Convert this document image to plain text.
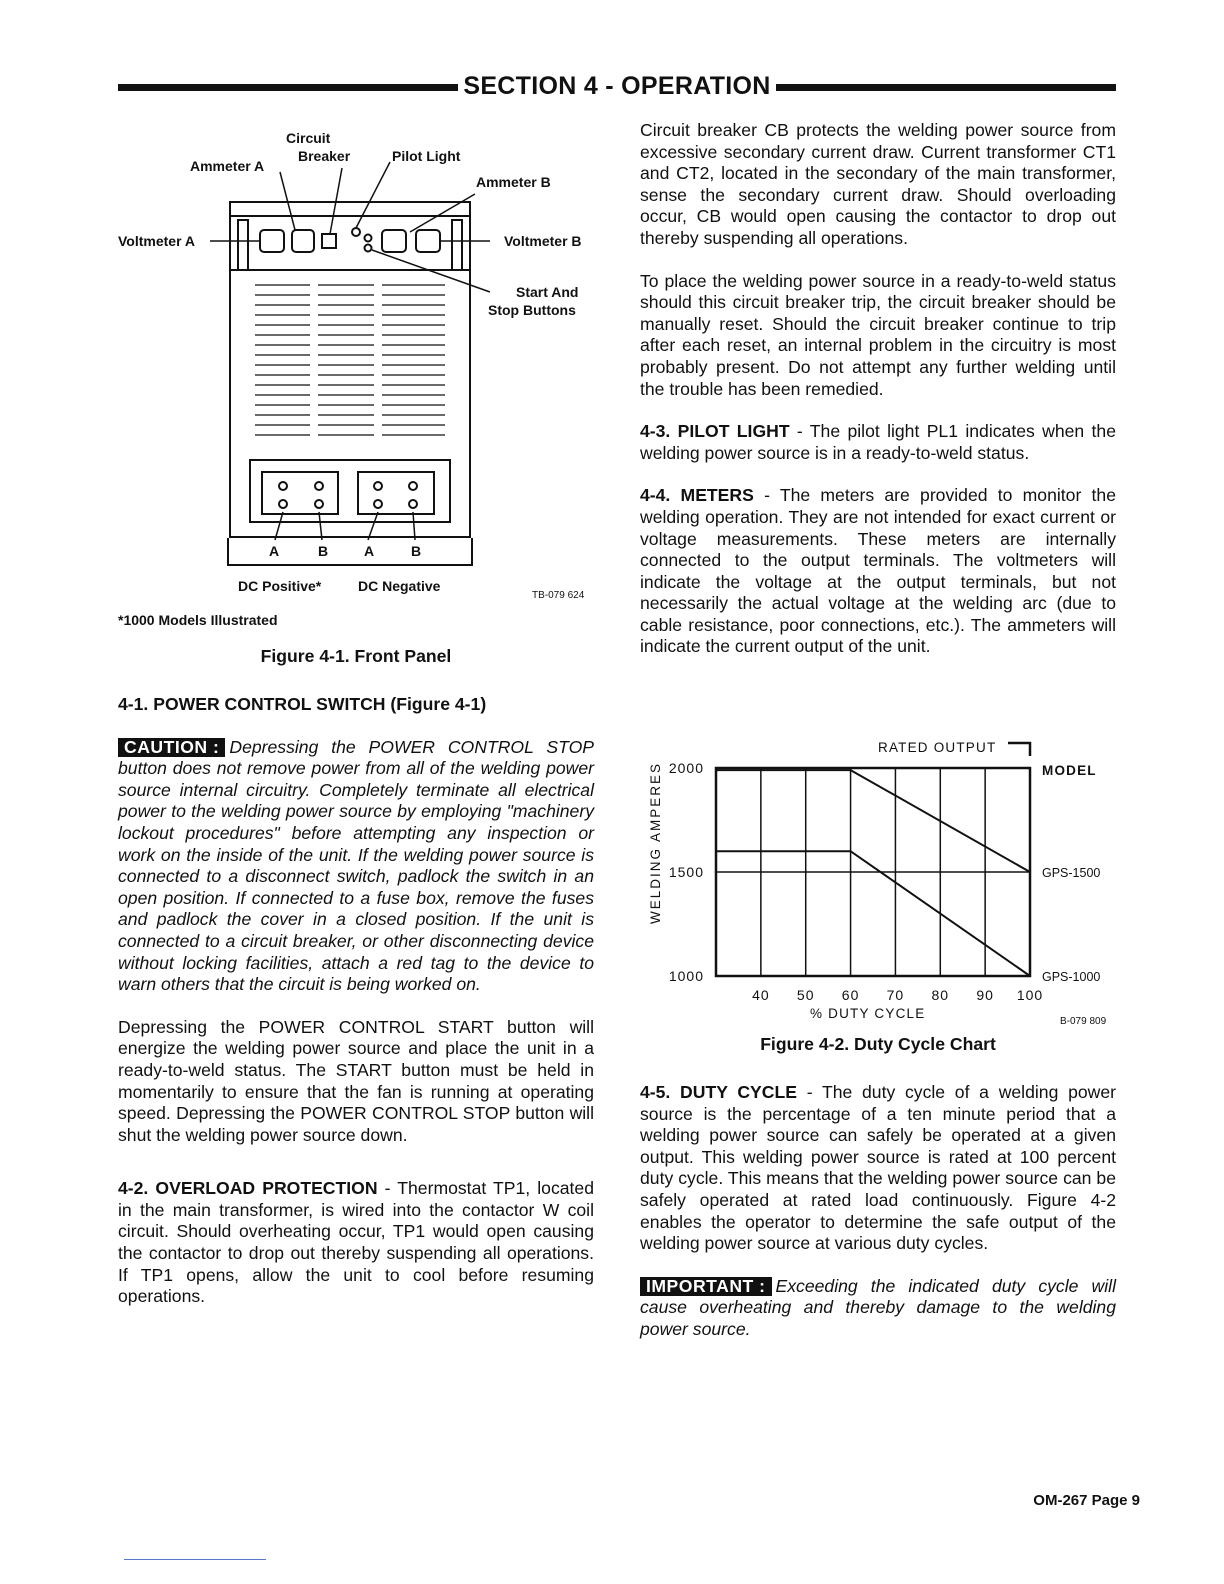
SECTION 4 - OPERATION
Circuit
Breaker	Pilot Light
Ammeter A
Ammeter B
Voltmeter A	Voltmeter B
Start And
Stop Buttons
A	B	A	B
DC Positive*	DC Negative
TB-079 624
*1000 Models Illustrated
Figure 4-1. Front Panel
4-1. POWER CONTROL SWITCH (Figure 4-1)
CAUTION : Depressing the POWER CONTROL STOP button does not remove power from all of the welding power source internal circuitry. Completely terminate all electrical power to the welding power source by employing "machinery lockout procedures" before attempting any inspection or work on the inside of the unit. If the welding power source is connected to a disconnect switch, padlock the switch in an open position. If connected to a fuse box, remove the fuses and padlock the cover in a closed position. If the unit is connected to a circuit breaker, or other disconnecting device without locking facilities, attach a red tag to the device to warn others that the circuit is being worked on.
Depressing the POWER CONTROL START button will energize the welding power source and place the unit in a ready-to-weld status. The START button must be held in momentarily to ensure that the fan is running at operating speed. Depressing the POWER CONTROL STOP button will shut the welding power source down.
4-2. OVERLOAD PROTECTION - Thermostat TP1, located in the main transformer, is wired into the contactor W coil circuit. Should overheating occur, TP1 would open causing the contactor to drop out thereby suspending all operations. If TP1 opens, allow the unit to cool before resuming operations.
Circuit breaker CB protects the welding power source from excessive secondary current draw. Current transformer CT1 and CT2, located in the secondary of the main transformer, sense the secondary current draw. Should overloading occur, CB would open causing the contactor to drop out thereby suspending all operations.
To place the welding power source in a ready-to-weld status should this circuit breaker trip, the circuit breaker should be manually reset. Should the circuit breaker continue to trip after each reset, an internal problem in the circuitry is most probably present. Do not attempt any further welding until the trouble has been remedied.
4-3. PILOT LIGHT - The pilot light PL1 indicates when the welding power source is in a ready-to-weld status.
4-4. METERS - The meters are provided to monitor the welding operation. They are not intended for exact current or voltage measurements. These meters are internally connected to the output terminals. The voltmeters will indicate the voltage at the output terminals, but not necessarily the actual voltage at the welding arc (due to cable resistance, poor connections, etc.). The ammeters will indicate the current output of the unit.
GPS-1500
GPS-1000
40 50 60 70 80 90 100
1000
1500
2000
RATED OUTPUT
MODEL
WELDING AMPERES
% DUTY CYCLE
B-079 809
Figure 4-2. Duty Cycle Chart
4-5. DUTY CYCLE - The duty cycle of a welding power source is the percentage of a ten minute period that a welding power source can safely be operated at a given output. This welding power source is rated at 100 percent duty cycle. This means that the welding power source can be safely operated at rated load continuously. Figure 4-2 enables the operator to determine the safe output of the welding power source at various duty cycles.
IMPORTANT : Exceeding the indicated duty cycle will cause overheating and thereby damage to the welding power source.
OM-267 Page 9
